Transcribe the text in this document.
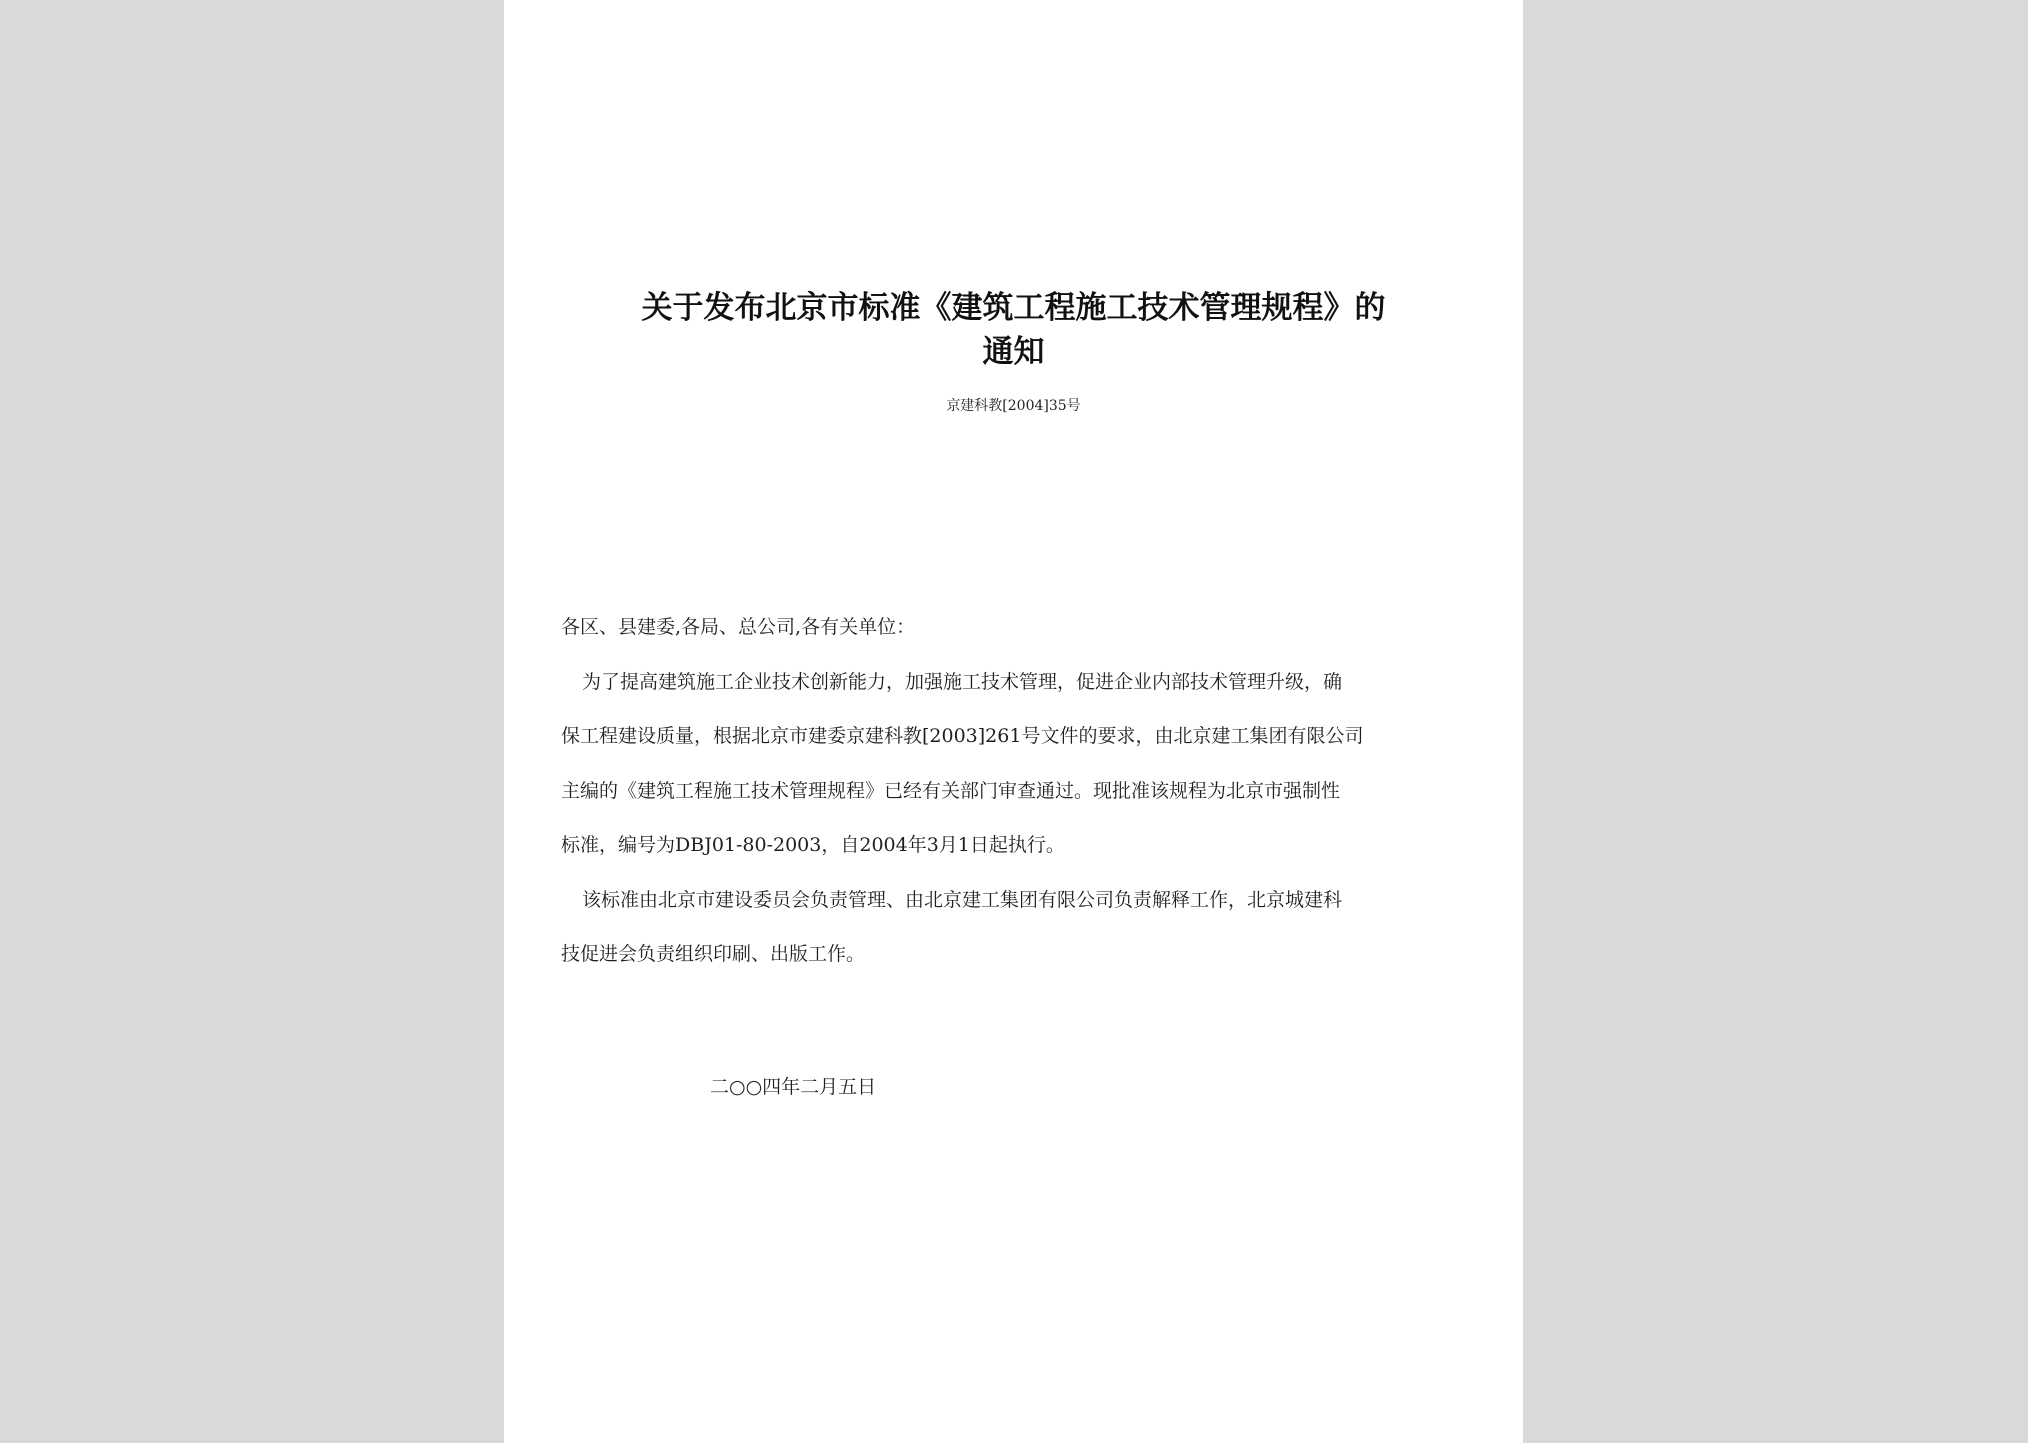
关于发布北京市标准《建筑工程施工技术管理规程》的
通知
京建科教[2004]35号

各区、县建委,各局、总公司,各有关单位：

为了提高建筑施工企业技术创新能力，加强施工技术管理，促进企业内部技术管理升级，确

保工程建设质量，根据北京市建委京建科教[2003]261号文件的要求，由北京建工集团有限公司

主编的《建筑工程施工技术管理规程》已经有关部门审查通过。现批准该规程为北京市强制性

标准，编号为DBJ01-80-2003，自2004年3月1日起执行。

该标准由北京市建设委员会负责管理、由北京建工集团有限公司负责解释工作，北京城建科

技促进会负责组织印刷、出版工作。

二○○四年二月五日
